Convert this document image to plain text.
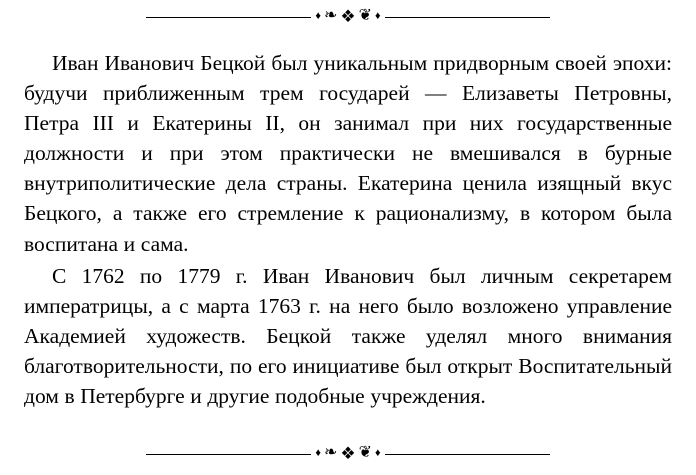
♦ ❧ ❖ ❦ ♦

Иван Иванович Бецкой был уникальным придворным своей эпохи: будучи приближенным трем государей — Елизаветы Петровны, Петра III и Екатерины II, он занимал при них государственные должности и при этом практически не вмешивался в бурные внутриполитические дела страны. Екатерина ценила изящный вкус Бецкого, а также его стремление к рационализму, в котором была воспитана и сама.

С 1762 по 1779 г. Иван Иванович был личным секретарем императрицы, а с марта 1763 г. на него было возложено управление Академией художеств. Бецкой также уделял много внимания благотворительности, по его инициативе был открыт Воспитательный дом в Петербурге и другие подобные учреждения.

♦ ❧ ❖ ❦ ♦
